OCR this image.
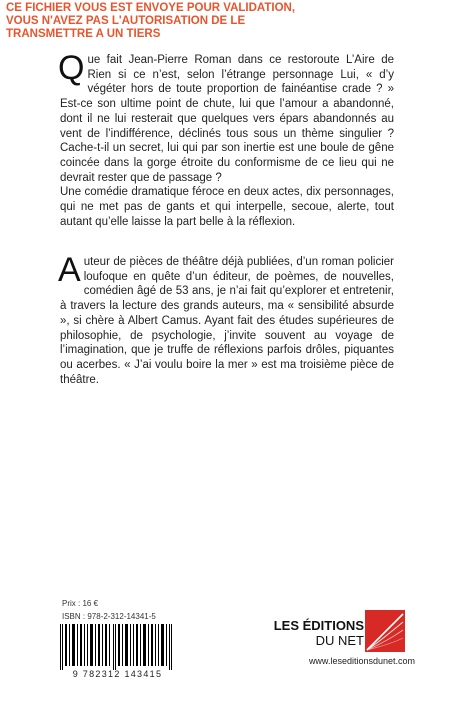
CE FICHIER VOUS EST ENVOYE POUR VALIDATION,
VOUS N'AVEZ PAS L'AUTORISATION DE LE
TRANSMETTRE A UN TIERS
Que fait Jean-Pierre Roman dans ce restoroute L’Aire de Rien si ce n’est, selon l’étrange personnage Lui, « d’y végéter hors de toute proportion de fainéantise crade ? » Est-ce son ultime point de chute, lui que l’amour a abandonné, dont il ne lui resterait que quelques vers épars abandonnés au vent de l’indifférence, déclinés tous sous un thème singulier ? Cache-t-il un secret, lui qui par son inertie est une boule de gêne coincée dans la gorge étroite du conformisme de ce lieu qui ne devrait rester que de passage ?
Une comédie dramatique féroce en deux actes, dix personnages, qui ne met pas de gants et qui interpelle, secoue, alerte, tout autant qu’elle laisse la part belle à la réflexion.
Auteur de pièces de théâtre déjà publiées, d’un roman policier loufoque en quête d’un éditeur, de poèmes, de nouvelles, comédien âgé de 53 ans, je n’ai fait qu’explorer et entretenir, à travers la lecture des grands auteurs, ma « sensibilité absurde », si chère à Albert Camus. Ayant fait des études supérieures de philosophie, de psychologie, j’invite souvent au voyage de l’imagination, que je truffe de réflexions parfois drôles, piquantes ou acerbes. « J’ai voulu boire la mer » est ma troisième pièce de théâtre.
Prix : 16 €
ISBN : 978-2-312-14341-5
9 782312 143415
LES ÉDITIONS
DU NET
www.leseditionsdunet.com
